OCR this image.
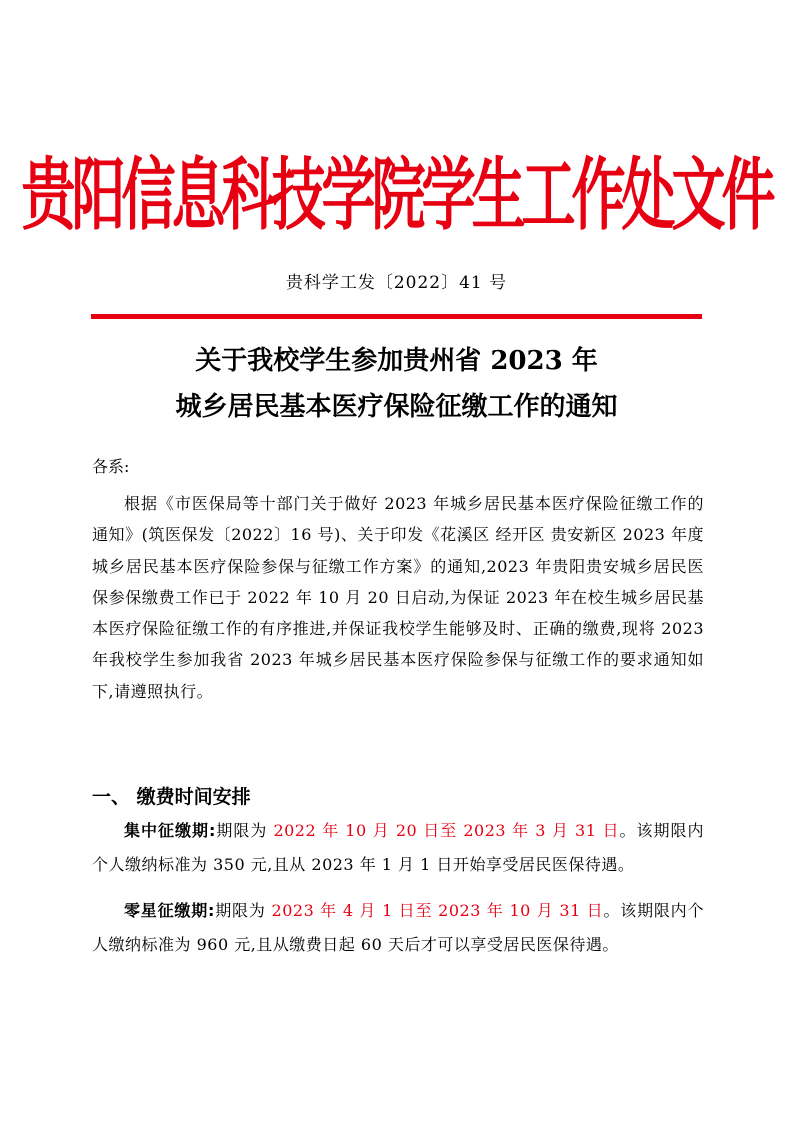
贵阳信息科技学院学生工作处文件
贵科学工发〔2022〕41 号
关于我校学生参加贵州省 2023 年
城乡居民基本医疗保险征缴工作的通知
各系:
根据《市医保局等十部门关于做好 2023 年城乡居民基本医疗保险征缴工作的通知》(筑医保发〔2022〕16 号)、关于印发《花溪区 经开区 贵安新区 2023 年度城乡居民基本医疗保险参保与征缴工作方案》的通知,2023 年贵阳贵安城乡居民医保参保缴费工作已于 2022 年 10 月 20 日启动,为保证 2023 年在校生城乡居民基本医疗保险征缴工作的有序推进,并保证我校学生能够及时、正确的缴费,现将 2023 年我校学生参加我省 2023 年城乡居民基本医疗保险参保与征缴工作的要求通知如下,请遵照执行。
一、 缴费时间安排
集中征缴期:期限为 2022 年 10 月 20 日至 2023 年 3 月 31 日。该期限内个人缴纳标准为 350 元,且从 2023 年 1 月 1 日开始享受居民医保待遇。
零星征缴期:期限为 2023 年 4 月 1 日至 2023 年 10 月 31 日。该期限内个人缴纳标准为 960 元,且从缴费日起 60 天后才可以享受居民医保待遇。
